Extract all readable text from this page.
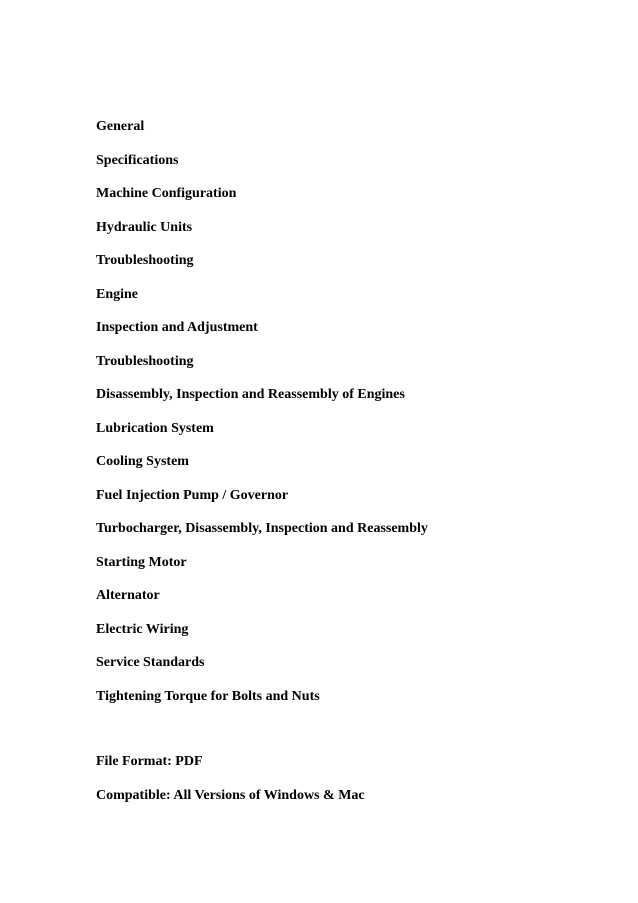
General
Specifications
Machine Configuration
Hydraulic Units
Troubleshooting
Engine
Inspection and Adjustment
Troubleshooting
Disassembly, Inspection and Reassembly of Engines
Lubrication System
Cooling System
Fuel Injection Pump / Governor
Turbocharger, Disassembly, Inspection and Reassembly
Starting Motor
Alternator
Electric Wiring
Service Standards
Tightening Torque for Bolts and Nuts
File Format: PDF
Compatible: All Versions of Windows & Mac
